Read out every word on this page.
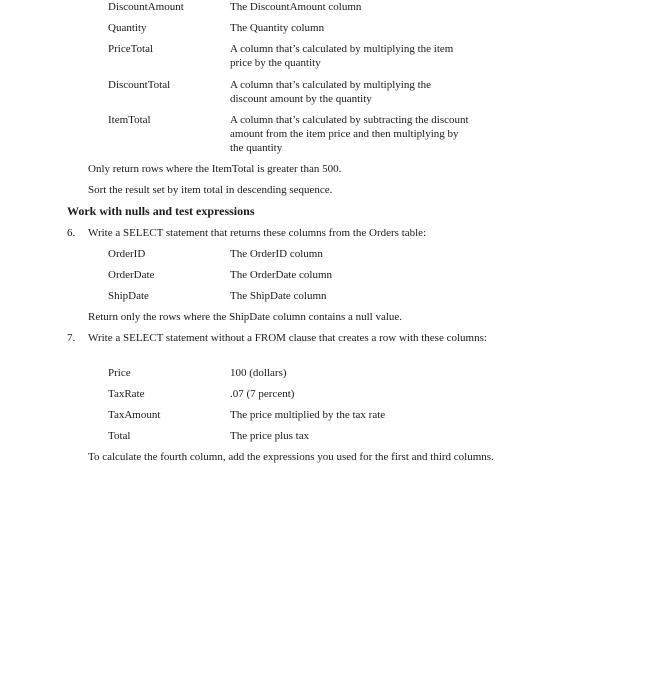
DiscountAmount	The DiscountAmount column
Quantity	The Quantity column
PriceTotal	A column that’s calculated by multiplying the item price by the quantity
DiscountTotal	A column that’s calculated by multiplying the discount amount by the quantity
ItemTotal	A column that’s calculated by subtracting the discount amount from the item price and then multiplying by the quantity
Only return rows where the ItemTotal is greater than 500.
Sort the result set by item total in descending sequence.
Work with nulls and test expressions
6. Write a SELECT statement that returns these columns from the Orders table:
OrderID	The OrderID column
OrderDate	The OrderDate column
ShipDate	The ShipDate column
Return only the rows where the ShipDate column contains a null value.
7. Write a SELECT statement without a FROM clause that creates a row with these columns:
Price	100 (dollars)
TaxRate	.07 (7 percent)
TaxAmount	The price multiplied by the tax rate
Total	The price plus tax
To calculate the fourth column, add the expressions you used for the first and third columns.
